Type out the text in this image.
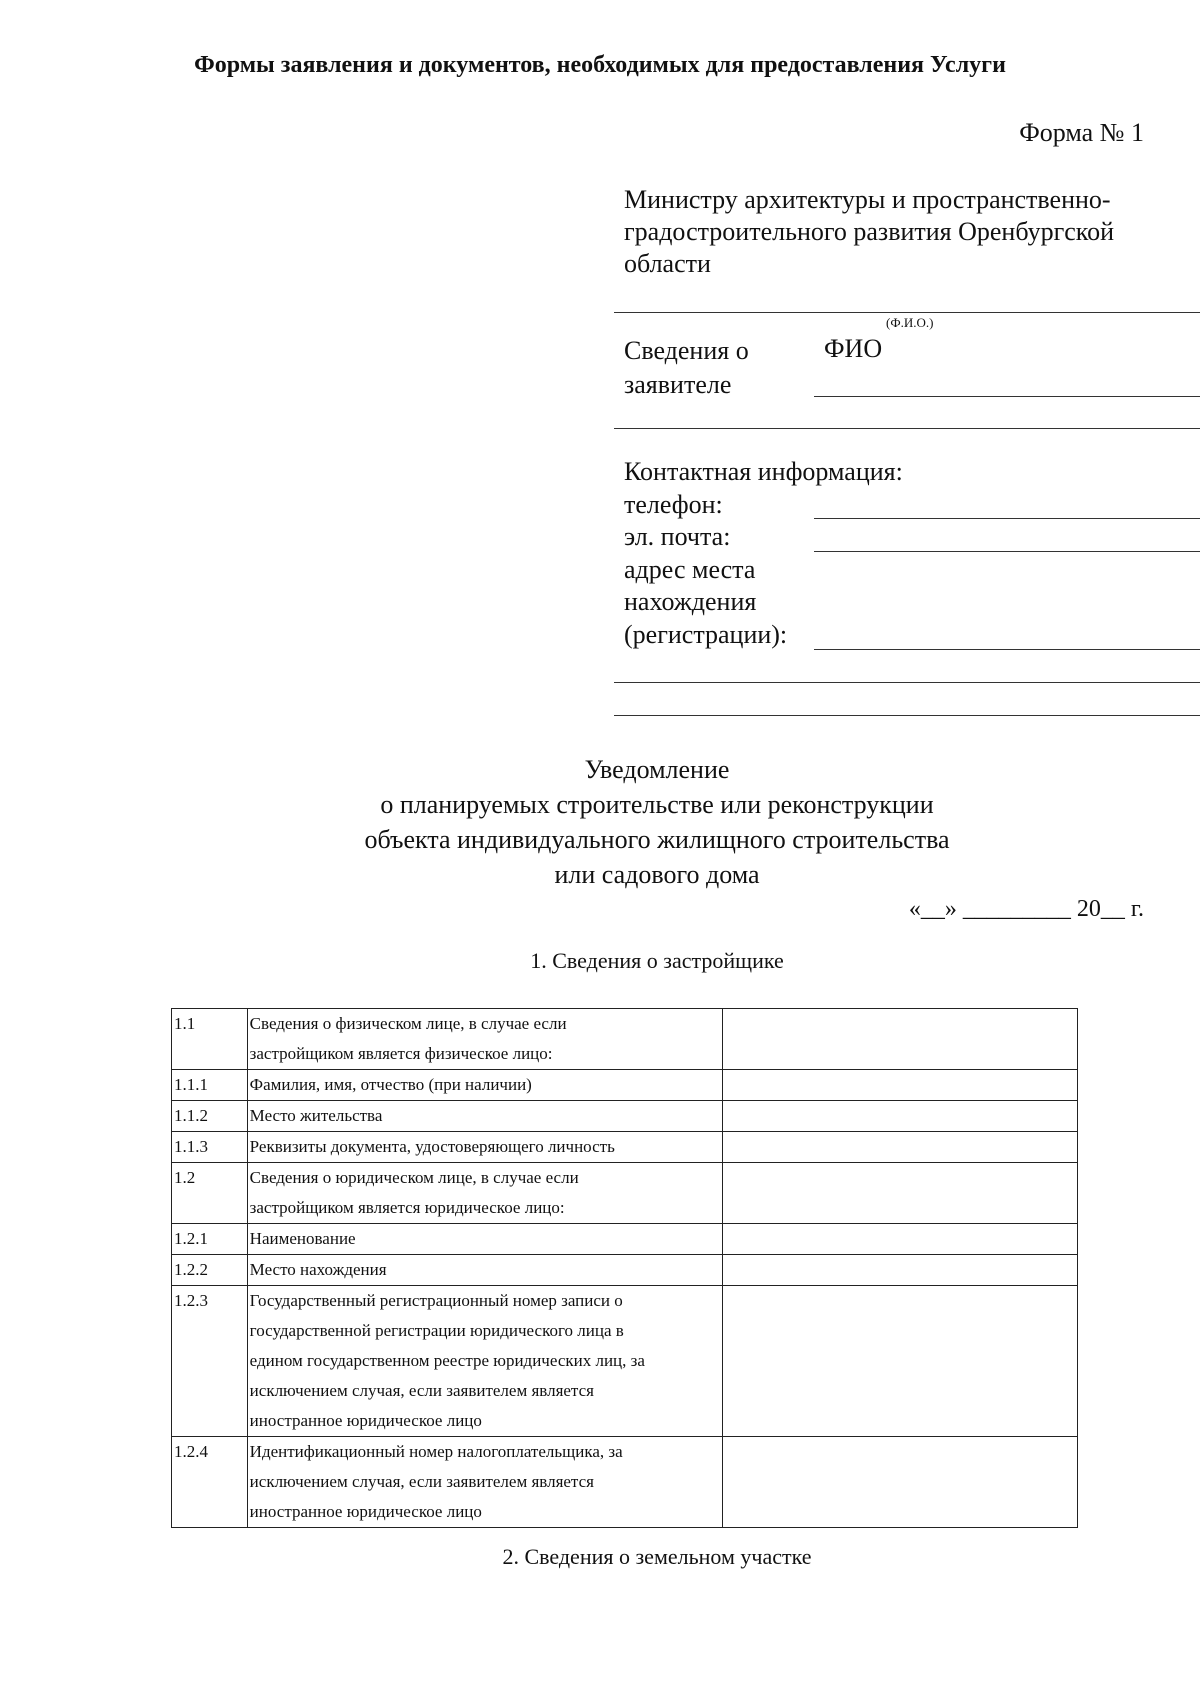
Формы заявления и документов, необходимых для предоставления Услуги
Форма № 1
Министру архитектуры и пространственно-
градостроительного развития Оренбургской
области
(Ф.И.О.)
Сведения о
заявителе
ФИО
Контактная информация:
телефон:
эл. почта:
адрес места
нахождения
(регистрации):
Уведомление
о планируемых строительстве или реконструкции
объекта индивидуального жилищного строительства
или садового дома
«__» _________ 20__ г.
1. Сведения о застройщике
1.1	Сведения о физическом лице, в случае если
застройщиком является физическое лицо:	

1.1.1	Фамилия, имя, отчество (при наличии)	

1.1.2	Место жительства	

1.1.3	Реквизиты документа, удостоверяющего личность	

1.2	Сведения о юридическом лице, в случае если
застройщиком является юридическое лицо:	

1.2.1	Наименование	

1.2.2	Место нахождения	

1.2.3	Государственный регистрационный номер записи о
государственной регистрации юридического лица в
едином государственном реестре юридических лиц, за
исключением случая, если заявителем является
иностранное юридическое лицо	

1.2.4	Идентификационный номер налогоплательщика, за
исключением случая, если заявителем является
иностранное юридическое лицо	

2. Сведения о земельном участке
